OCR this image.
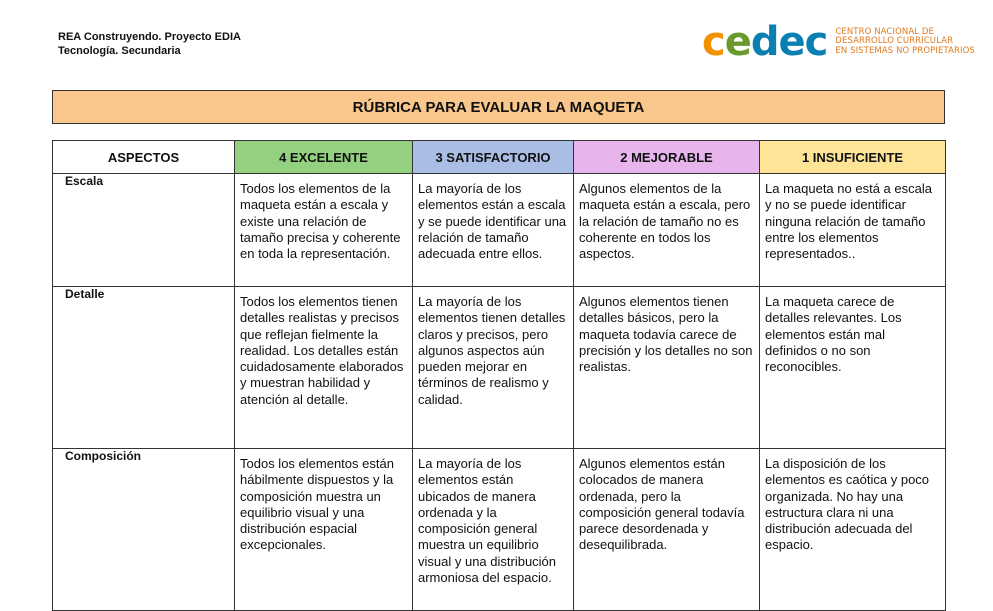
REA Construyendo. Proyecto EDIA
Tecnología. Secundaria	cedec CENTRO NACIONAL DE
DESARROLLO CURRICULAR
EN SISTEMAS NO PROPIETARIOS
RÚBRICA PARA EVALUAR LA MAQUETA
ASPECTOS	4 EXCELENTE	3 SATISFACTORIO	2 MEJORABLE	1 INSUFICIENTE
Escala	Todos los elementos de la maqueta están a escala y existe una relación de tamaño precisa y coherente en toda la representación.	La mayoría de los elementos están a escala y se puede identificar una relación de tamaño adecuada entre ellos.	Algunos elementos de la maqueta están a escala, pero la relación de tamaño no es coherente en todos los aspectos.	La maqueta no está a escala y no se puede identificar ninguna relación de tamaño entre los elementos representados..
Detalle	Todos los elementos tienen detalles realistas y precisos que reflejan fielmente la realidad. Los detalles están cuidadosamente elaborados y muestran habilidad y atención al detalle.	La mayoría de los elementos tienen detalles claros y precisos, pero algunos aspectos aún pueden mejorar en términos de realismo y calidad.	Algunos elementos tienen detalles básicos, pero la maqueta todavía carece de precisión y los detalles no son realistas.	La maqueta carece de detalles relevantes. Los elementos están mal definidos o no son reconocibles.
Composición	Todos los elementos están hábilmente dispuestos y la composición muestra un equilibrio visual y una distribución espacial excepcionales.	La mayoría de los elementos están ubicados de manera ordenada y la composición general muestra un equilibrio visual y una distribución armoniosa del espacio.	Algunos elementos están colocados de manera ordenada, pero la composición general todavía parece desordenada y desequilibrada.	La disposición de los elementos es caótica y poco organizada. No hay una estructura clara ni una distribución adecuada del espacio.
